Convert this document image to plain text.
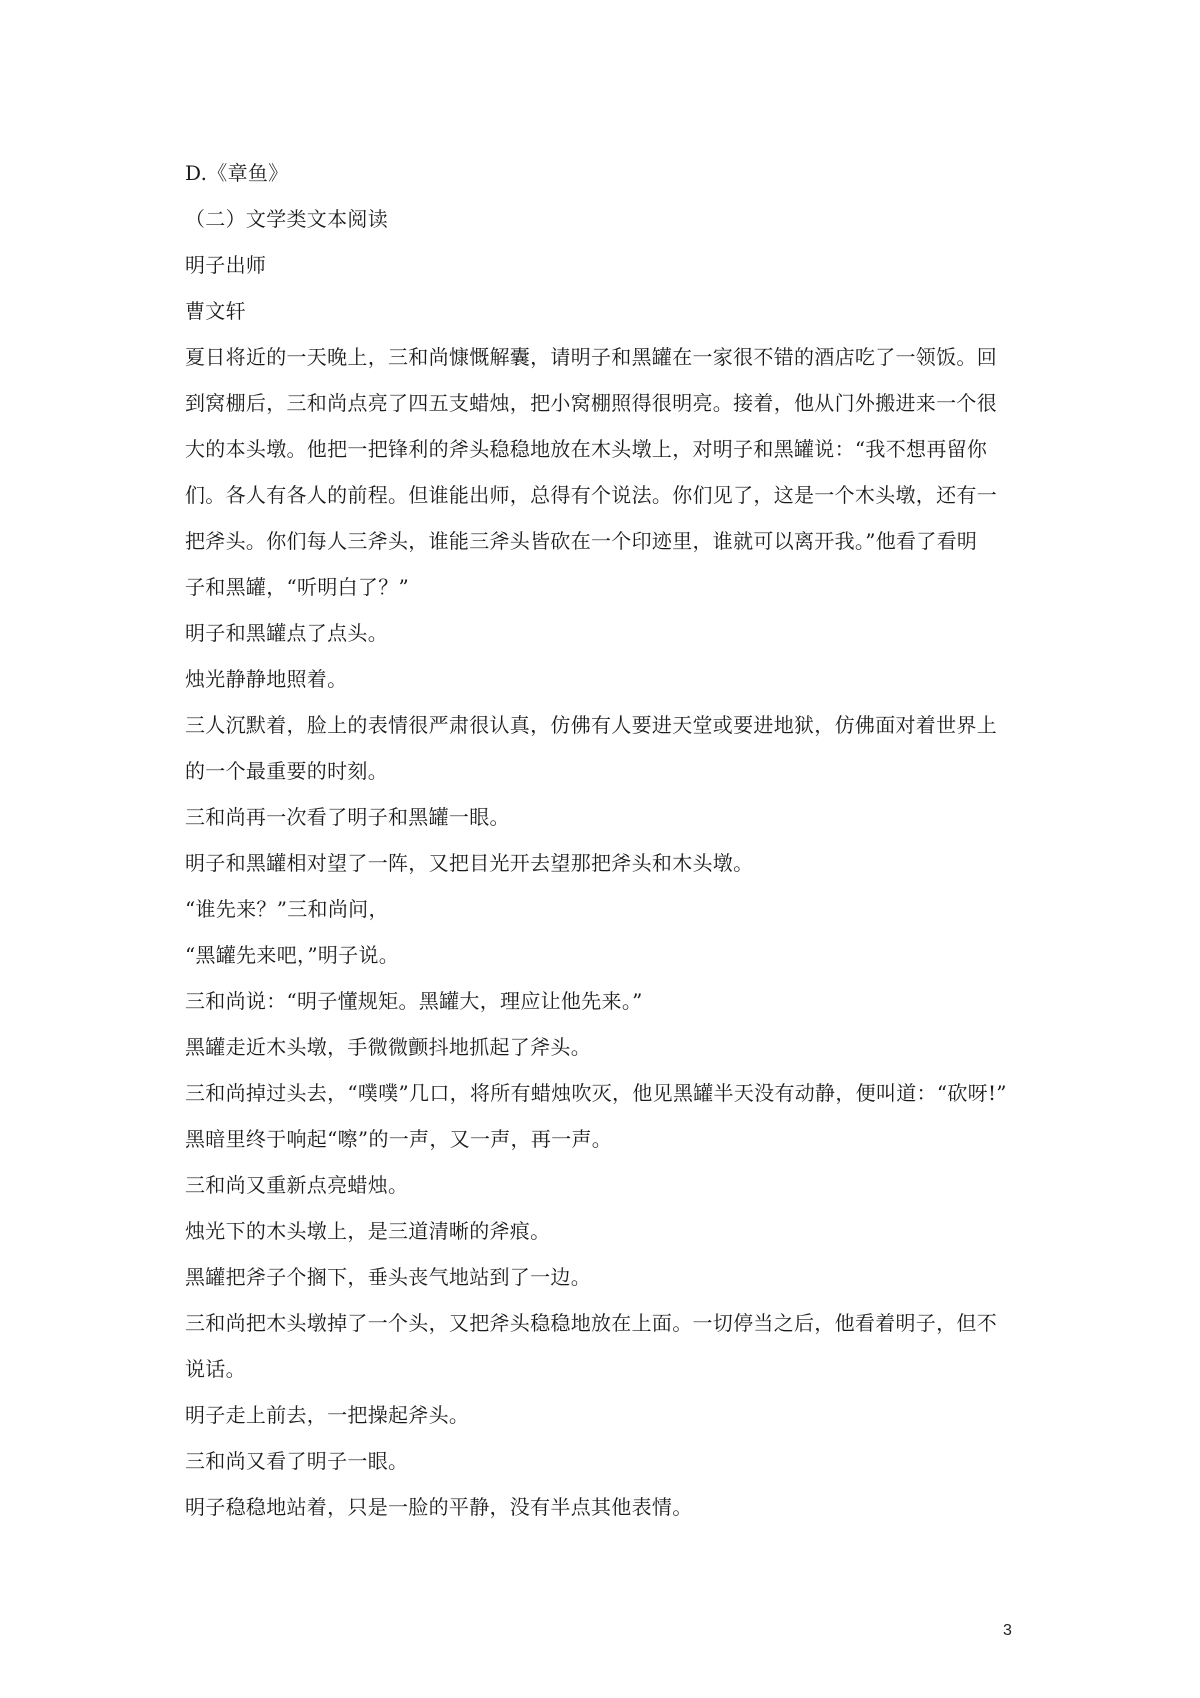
D.《章鱼》
（二）文学类文本阅读
明子出师
曹文轩
夏日将近的一天晚上，三和尚慷慨解囊，请明子和黑罐在一家很不错的酒店吃了一领饭。回
到窝棚后，三和尚点亮了四五支蜡烛，把小窝棚照得很明亮。接着，他从门外搬进来一个很
大的本头墩。他把一把锋利的斧头稳稳地放在木头墩上，对明子和黑罐说：“我不想再留你
们。各人有各人的前程。但谁能出师，总得有个说法。你们见了，这是一个木头墩，还有一
把斧头。你们每人三斧头，谁能三斧头皆砍在一个印迹里，谁就可以离开我。”他看了看明
子和黑罐，“听明白了？”
明子和黑罐点了点头。
烛光静静地照着。
三人沉默着，脸上的表情很严肃很认真，仿佛有人要进天堂或要进地狱，仿佛面对着世界上
的一个最重要的时刻。
三和尚再一次看了明子和黑罐一眼。
明子和黑罐相对望了一阵，又把目光开去望那把斧头和木头墩。
“谁先来？”三和尚问，
“黑罐先来吧，”明子说。
三和尚说：“明子懂规矩。黑罐大，理应让他先来。”
黑罐走近木头墩，手微微颤抖地抓起了斧头。
三和尚掉过头去，“噗噗”几口，将所有蜡烛吹灭，他见黑罐半天没有动静，便叫道：“砍呀!”
黑暗里终于响起“嚓”的一声，又一声，再一声。
三和尚又重新点亮蜡烛。
烛光下的木头墩上，是三道清晰的斧痕。
黑罐把斧子个搁下，垂头丧气地站到了一边。
三和尚把木头墩掉了一个头，又把斧头稳稳地放在上面。一切停当之后，他看着明子，但不
说话。
明子走上前去，一把操起斧头。
三和尚又看了明子一眼。
明子稳稳地站着，只是一脸的平静，没有半点其他表情。
3
